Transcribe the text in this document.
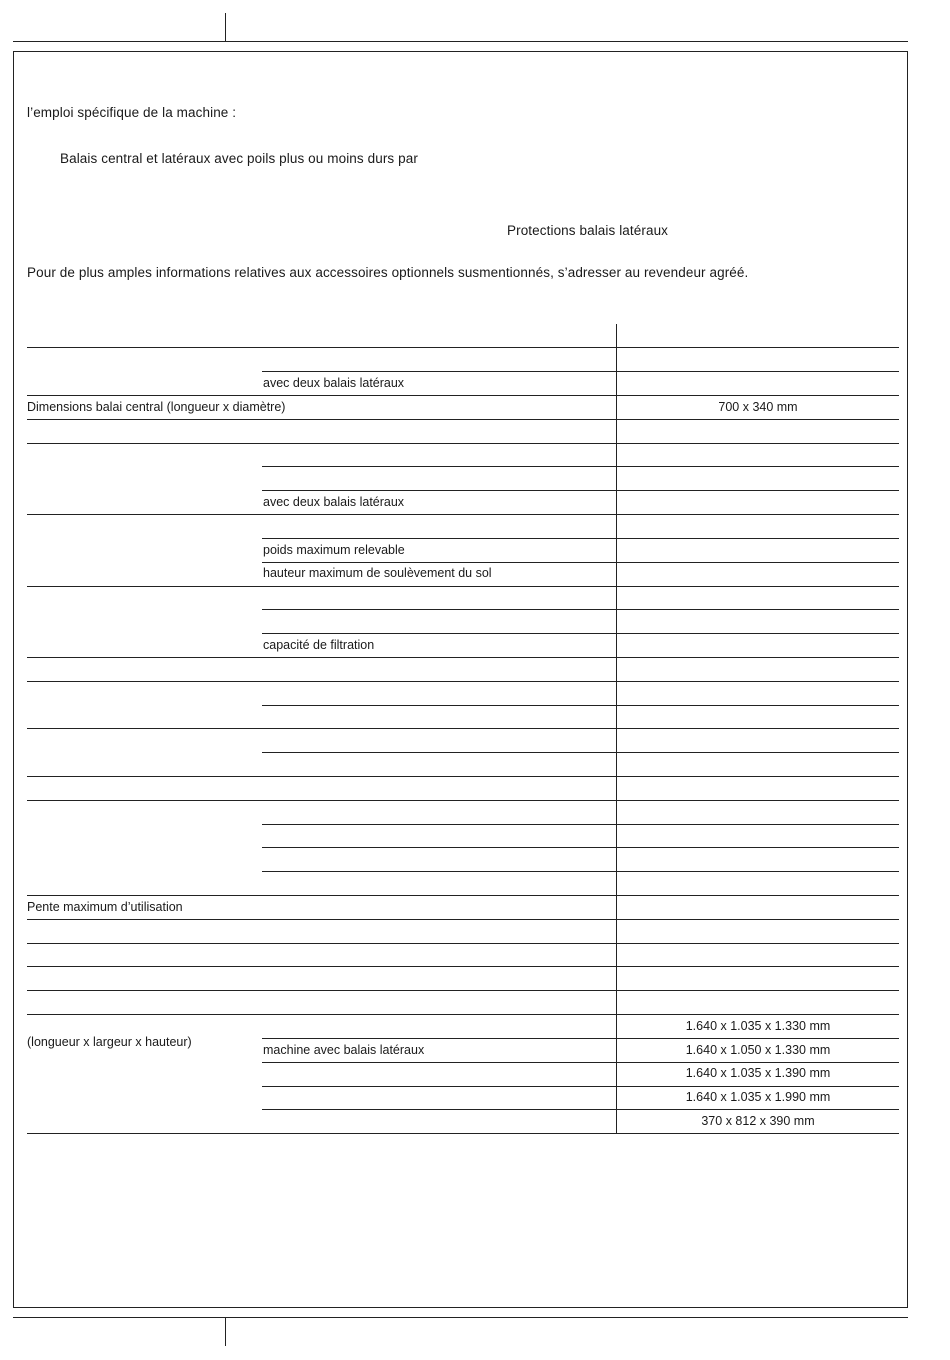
l’emploi spécifique de la machine :
Balais central et latéraux avec poils plus ou moins durs par
Protections balais latéraux
Pour de plus amples informations relatives aux accessoires optionnels susmentionnés, s’adresser au revendeur agréé.
avec deux balais latéraux
Dimensions balai central (longueur x diamètre)	700 x 340 mm
avec deux balais latéraux
poids maximum relevable
hauteur maximum de soulèvement du sol
capacité de filtration
Pente maximum d’utilisation
(longueur x largeur x hauteur)
machine avec balais latéraux
1.640 x 1.035 x 1.330 mm
1.640 x 1.050 x 1.330 mm
1.640 x 1.035 x 1.390 mm
1.640 x 1.035 x 1.990 mm
370 x 812 x 390 mm
